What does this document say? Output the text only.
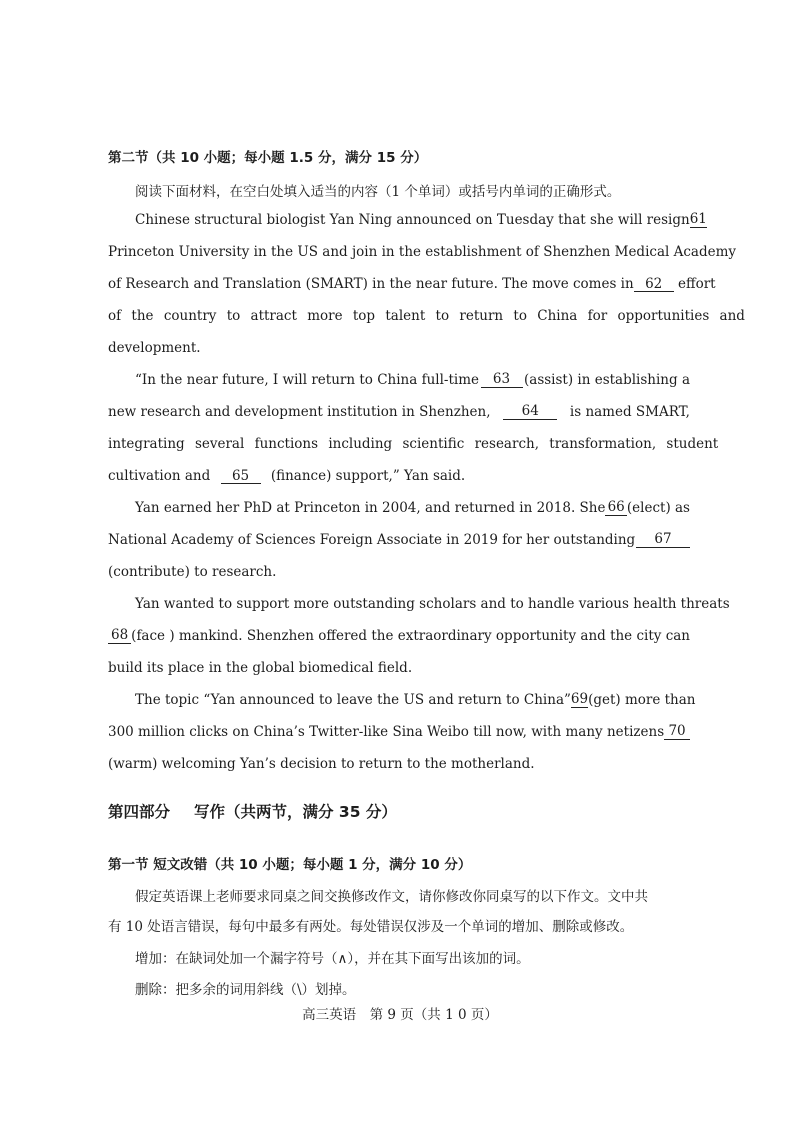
第二节（共 10 小题；每小题 1.5 分，满分 15 分）
阅读下面材料，在空白处填入适当的内容（1 个单词）或括号内单词的正确形式。
Chinese structural biologist Yan Ning announced on Tuesday that she will resign 61
Princeton University in the US and join in the establishment of Shenzhen Medical Academy
of Research and Translation (SMART) in the near future. The move comes in 62 effort
of the country to attract more top talent to return to China for opportunities and
development.
“In the near future, I will return to China full-time	63	(assist) in establishing a
new research and development institution in Shenzhen,	64	is named SMART,
integrating several functions including scientific research, transformation, student
cultivation and 65 (finance) support,” Yan said.
Yan earned her PhD at Princeton in 2004, and returned in 2018. She 66 (elect) as
National Academy of Sciences Foreign Associate in 2019 for her outstanding	67
(contribute) to research.
Yan wanted to support more outstanding scholars and to handle various health threats
68 (face ) mankind. Shenzhen offered the extraordinary opportunity and the city can
build its place in the global biomedical field.
The topic “Yan announced to leave the US and return to China” 69 (get) more than
300 million clicks on China’s Twitter-like Sina Weibo till now, with many netizens 70
(warm) welcoming Yan’s decision to return to the motherland.
第四部分 写作（共两节，满分 35 分）
第一节 短文改错（共 10 小题；每小题 1 分，满分 10 分）
假定英语课上老师要求同桌之间交换修改作文，请你修改你同桌写的以下作文。文中共
有 10 处语言错误，每句中最多有两处。每处错误仅涉及一个单词的增加、删除或修改。
增加：在缺词处加一个漏字符号（∧），并在其下面写出该加的词。
删除：把多余的词用斜线（\）划掉。
高三英语　第 9 页（共 1 0 页）
